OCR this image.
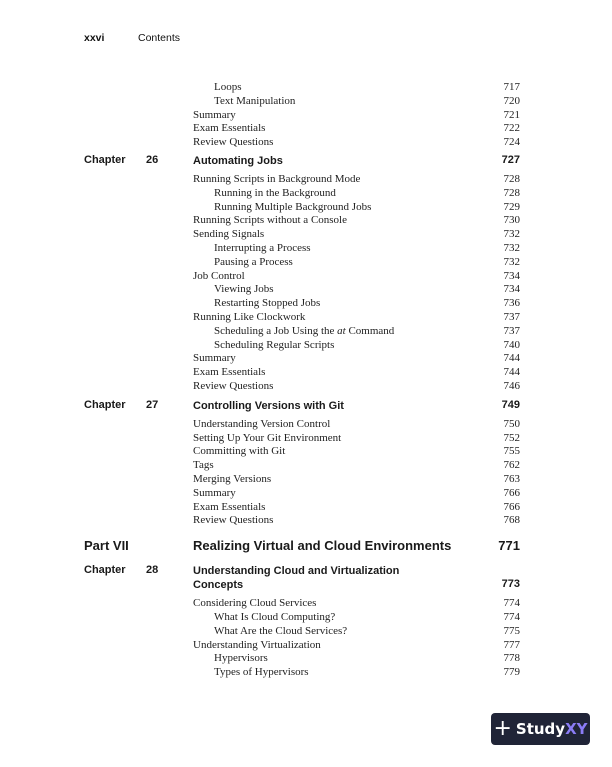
xxvi	Contents
Loops	717
Text Manipulation	720
Summary	721
Exam Essentials	722
Review Questions	724
Chapter 26	Automating Jobs	727
Running Scripts in Background Mode	728
Running in the Background	728
Running Multiple Background Jobs	729
Running Scripts without a Console	730
Sending Signals	732
Interrupting a Process	732
Pausing a Process	732
Job Control	734
Viewing Jobs	734
Restarting Stopped Jobs	736
Running Like Clockwork	737
Scheduling a Job Using the at Command	737
Scheduling Regular Scripts	740
Summary	744
Exam Essentials	744
Review Questions	746
Chapter 27	Controlling Versions with Git	749
Understanding Version Control	750
Setting Up Your Git Environment	752
Committing with Git	755
Tags	762
Merging Versions	763
Summary	766
Exam Essentials	766
Review Questions	768
Part VII	Realizing Virtual and Cloud Environments	771
Chapter 28	Understanding Cloud and Virtualization
Concepts	773
Considering Cloud Services	774
What Is Cloud Computing?	774
What Are the Cloud Services?	775
Understanding Virtualization	777
Hypervisors	778
Types of Hypervisors	779
+ Study XY
